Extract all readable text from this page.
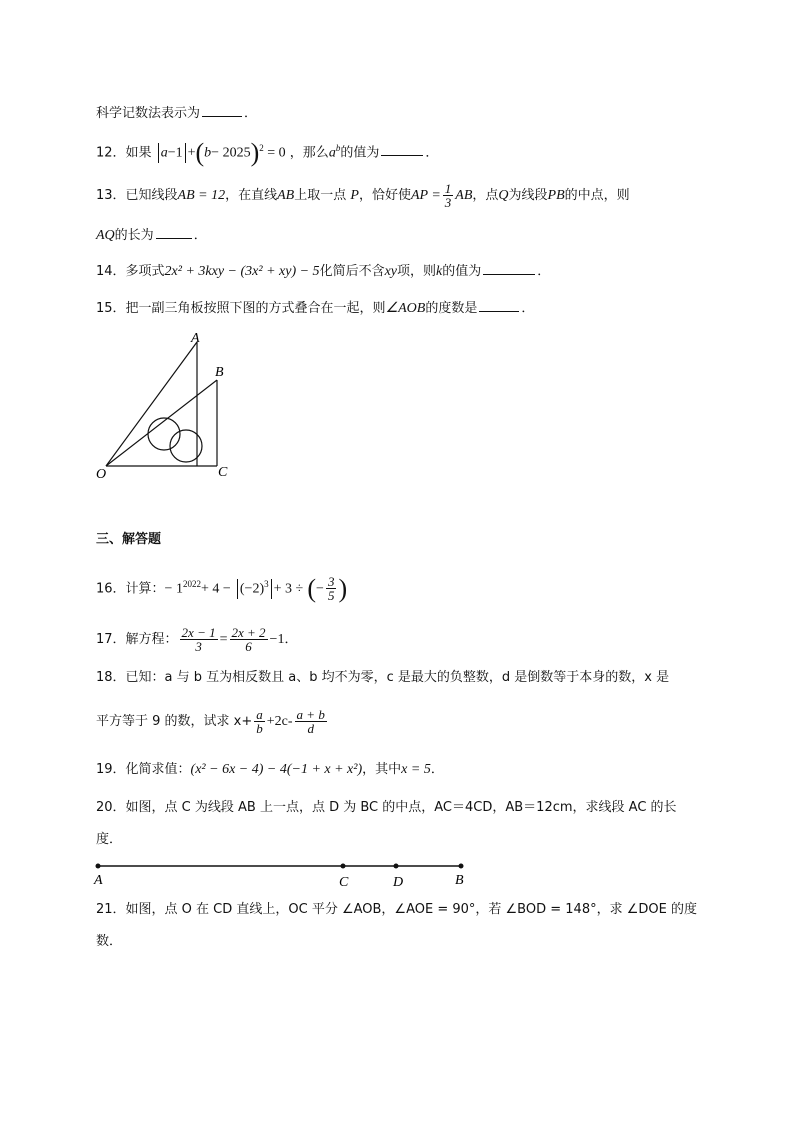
科学记数法表示为	．
12．如果 $a-1 +(b- 2025)^2 = 0$ ，那么$a^b$的值为	．
13．已知线段AB = 12，在直线AB上取一点 P，恰好使AP = $\frac{1}{3}$ AB，点Q为线段PB的中点，则
AQ的长为	．
14．多项式2x² + 3kxy − (3x² + xy) − 5化简后不含xy项，则k的值为	．
15．把一副三角板按照下图的方式叠合在一起，则∠AOB的度数是	．
A
B
O	C
三、解答题
16．计算：− $1^{2022}+ 4 - (-2)^3 + 3$ ÷ (− $\frac{3}{5}$ )
17．解方程： $\frac{2x - 1}{3} = \frac{2x + 2}{6} -1$．
18．已知：a 与 b 互为相反数且 a、b 均不为零，c 是最大的负整数，d 是倒数等于本身的数，x 是
平方等于 9 的数，试求 $x+ \frac{a}{b} +2c- \frac{a + b}{d}$
19．化简求值：(x² − 6x − 4) − 4(−1 + x + x²)，其中x = 5．
20．如图，点 C 为线段 AB 上一点，点 D 为 BC 的中点，AC＝4CD，AB＝12cm，求线段 AC 的长
度．
A	C	D	B
21．如图，点 O 在 CD 直线上，OC 平分 ∠AOB，∠AOE = 90°，若 ∠BOD = 148°，求 ∠DOE 的度
数．
